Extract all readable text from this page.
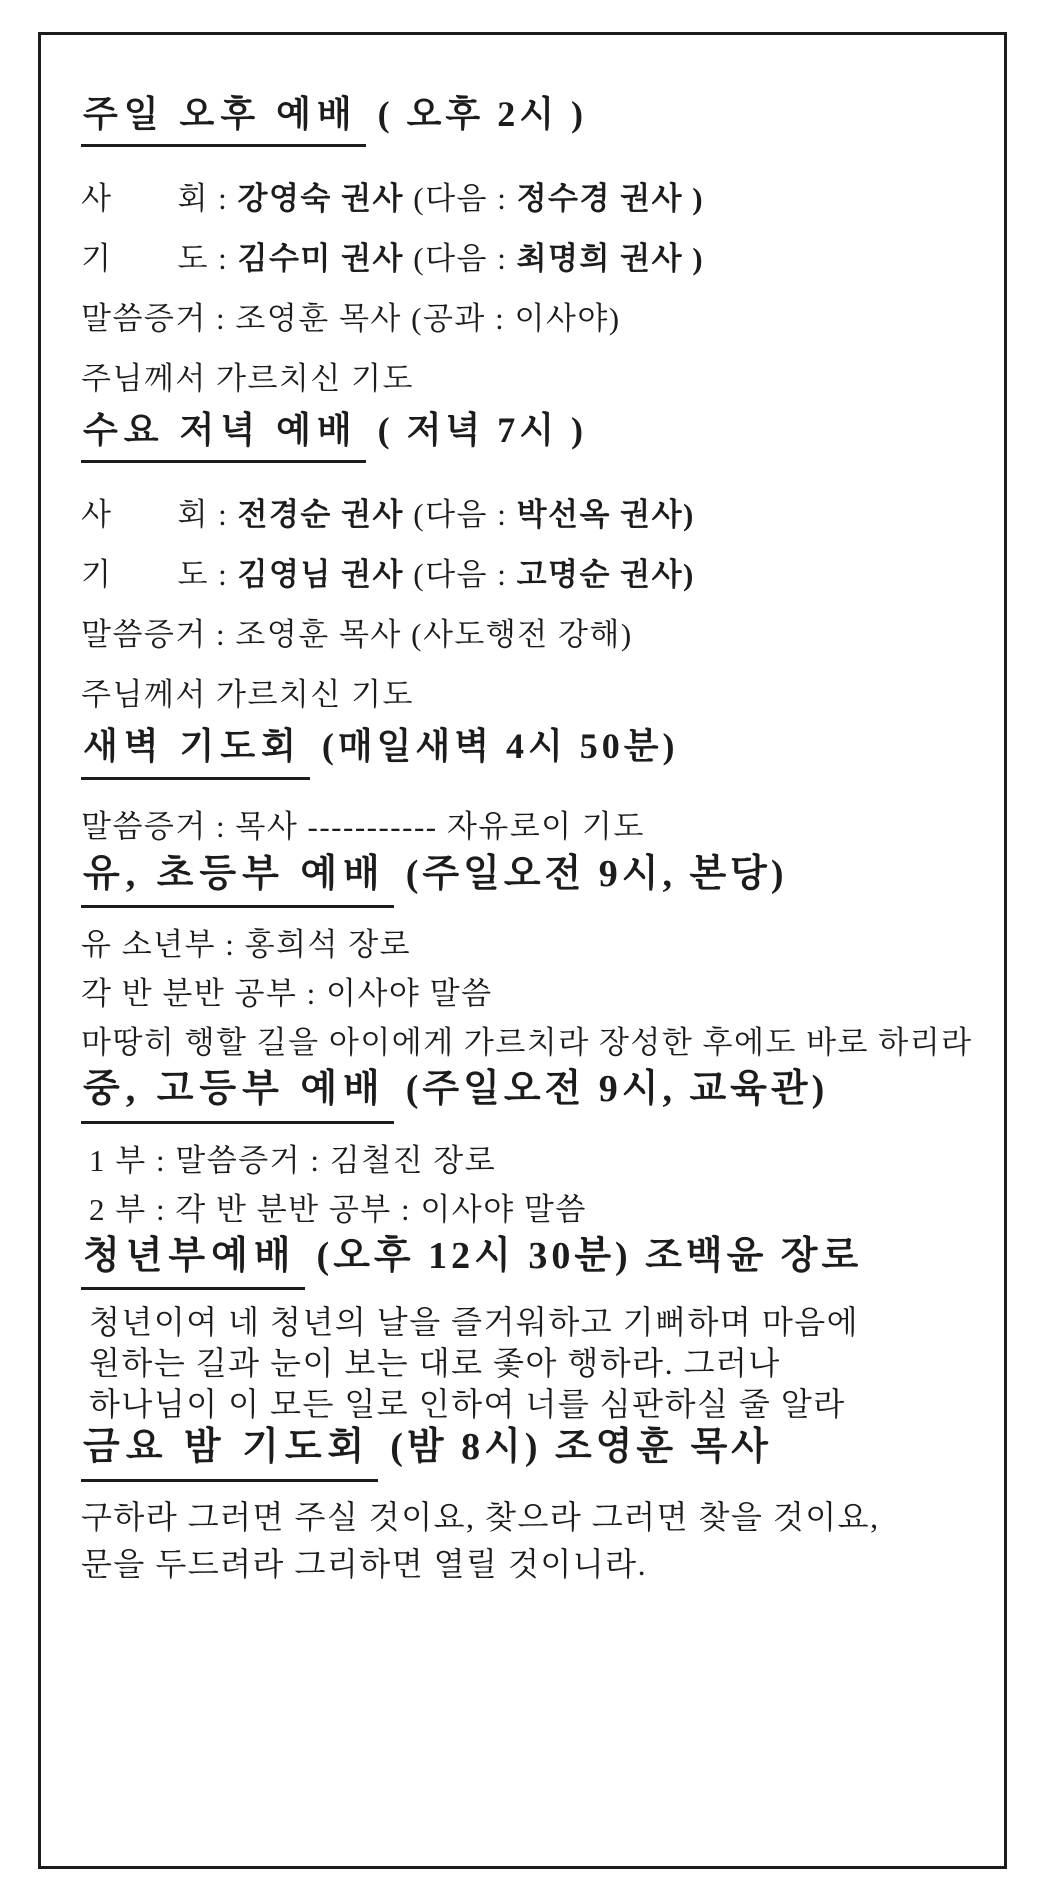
주일 오후 예배 ( 오후 2시 )

사　　회 : 강영숙 권사 (다음 : 정수경 권사 )

기　　도 : 김수미 권사 (다음 : 최명희 권사 )

말씀증거 : 조영훈 목사 (공과 : 이사야)

주님께서 가르치신 기도

수요 저녁 예배 ( 저녁 7시 )

사　　회 : 전경순 권사 (다음 : 박선옥 권사)

기　　도 : 김영님 권사 (다음 : 고명순 권사)

말씀증거 : 조영훈 목사 (사도행전 강해)

주님께서 가르치신 기도

새벽 기도회 (매일새벽 4시 50분)

말씀증거 : 목사 ----------- 자유로이 기도

유, 초등부 예배 (주일오전 9시, 본당)

유 소년부 : 홍희석 장로

각 반 분반 공부 : 이사야 말씀

마땅히 행할 길을 아이에게 가르치라 장성한 후에도 바로 하리라

중, 고등부 예배 (주일오전 9시, 교육관)

1 부 : 말씀증거 : 김철진 장로

2 부 : 각 반 분반 공부 : 이사야 말씀

청년부예배 (오후 12시 30분) 조백윤 장로

청년이여 네 청년의 날을 즐거워하고 기뻐하며 마음에

원하는 길과 눈이 보는 대로 좇아 행하라. 그러나

하나님이 이 모든 일로 인하여 너를 심판하실 줄 알라

금요 밤 기도회 (밤 8시) 조영훈 목사

구하라 그러면 주실 것이요, 찾으라 그러면 찾을 것이요,

문을 두드려라 그리하면 열릴 것이니라.
